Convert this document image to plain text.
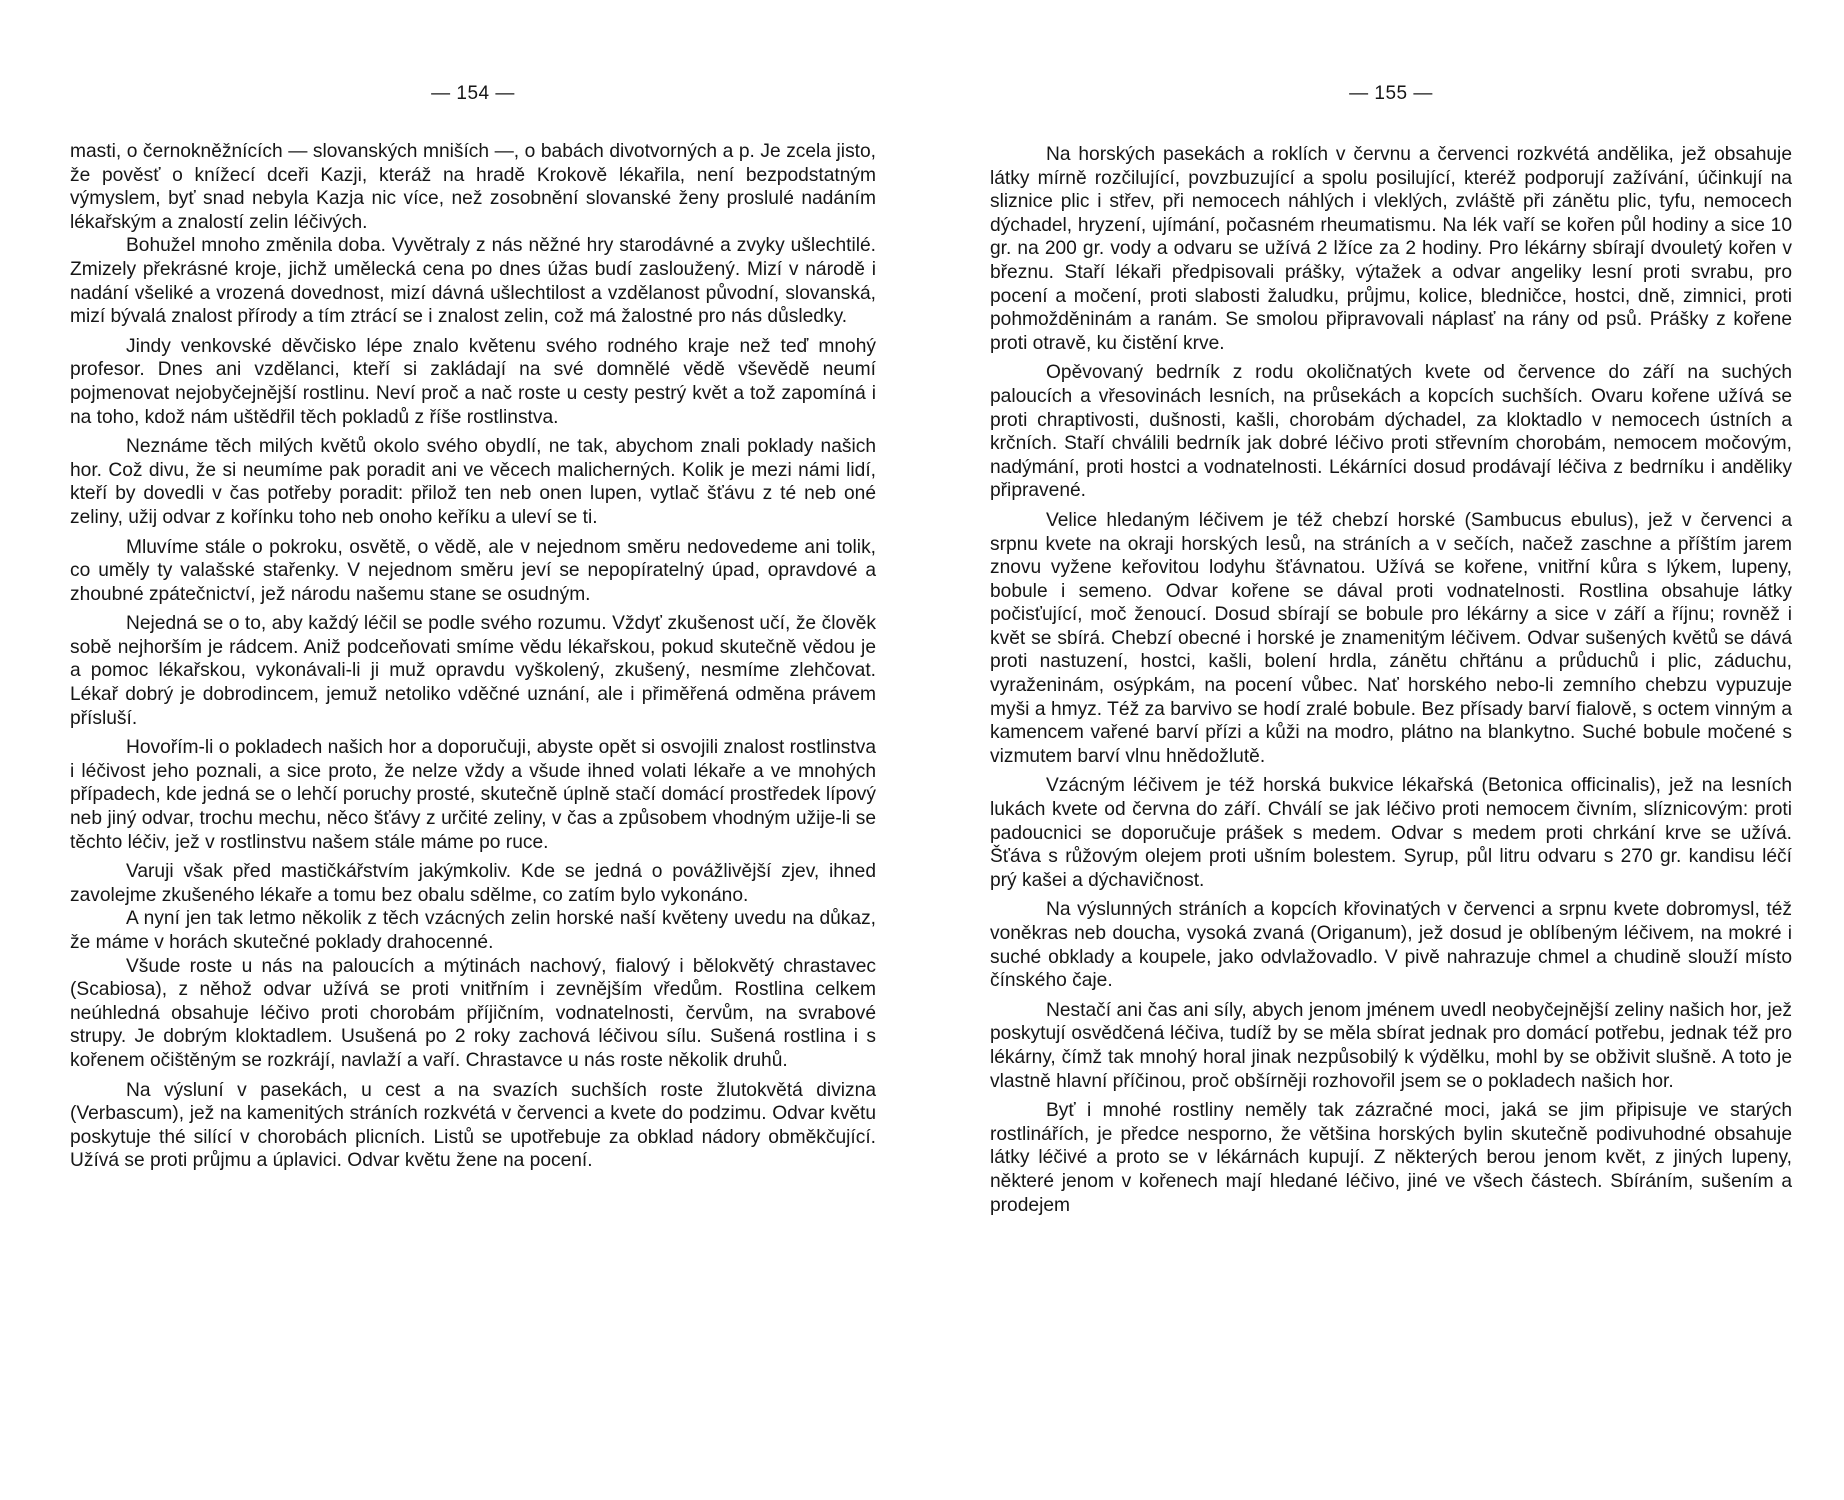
— 154 —

masti, o černokněžnících — slovanských mniších —, o babách divotvorných a p. Je zcela jisto, že pověsť o knížecí dceři Kazji, kteráž na hradě Krokově lékařila, není bezpodstatným výmyslem, byť snad nebyla Kazja nic více, než zosobnění slovanské ženy proslulé nadáním lékařským a znalostí zelin léčivých.

Bohužel mnoho změnila doba. Vyvětraly z nás něžné hry starodávné a zvyky ušlechtilé. Zmizely překrásné kroje, jichž umělecká cena po dnes úžas budí zasloužený. Mizí v národě i nadání všeliké a vrozená dovednost, mizí dávná ušlechtilost a vzdělanost původní, slovanská, mizí bývalá znalost přírody a tím ztrácí se i znalost zelin, což má žalostné pro nás důsledky.

Jindy venkovské děvčisko lépe znalo květenu svého rodného kraje než teď mnohý profesor. Dnes ani vzdělanci, kteří si zakládají na své domnělé vědě vševědě neumí pojmenovat nejobyčejnější rostlinu. Neví proč a nač roste u cesty pestrý květ a tož zapomíná i na toho, kdož nám uštědřil těch pokladů z říše rostlinstva.

Neznáme těch milých květů okolo svého obydlí, ne tak, abychom znali poklady našich hor. Což divu, že si neumíme pak poradit ani ve věcech malicherných. Kolik je mezi námi lidí, kteří by dovedli v čas potřeby poradit: přilož ten neb onen lupen, vytlač šťávu z té neb oné zeliny, užij odvar z kořínku toho neb onoho keříku a uleví se ti.

Mluvíme stále o pokroku, osvětě, o vědě, ale v nejednom směru nedovedeme ani tolik, co uměly ty valašské stařenky. V nejednom směru jeví se nepopíratelný úpad, opravdové a zhoubné zpátečnictví, jež národu našemu stane se osudným.

Nejedná se o to, aby každý léčil se podle svého rozumu. Vždyť zkušenost učí, že člověk sobě nejhorším je rádcem. Aniž podceňovati smíme vědu lékařskou, pokud skutečně vědou je a pomoc lékařskou, vykonávali-li ji muž opravdu vyškolený, zkušený, nesmíme zlehčovat. Lékař dobrý je dobrodincem, jemuž netoliko vděčné uznání, ale i přiměřená odměna právem přísluší.

Hovořím-li o pokladech našich hor a doporučuji, abyste opět si osvojili znalost rostlinstva i léčivost jeho poznali, a sice proto, že nelze vždy a všude ihned volati lékaře a ve mnohých případech, kde jedná se o lehčí poruchy prosté, skutečně úplně stačí domácí prostředek lípový neb jiný odvar, trochu mechu, něco šťávy z určité zeliny, v čas a způsobem vhodným užije-li se těchto léčiv, jež v rostlinstvu našem stále máme po ruce.

Varuji však před mastičkářstvím jakýmkoliv. Kde se jedná o povážlivější zjev, ihned zavolejme zkušeného lékaře a tomu bez obalu sdělme, co zatím bylo vykonáno.

A nyní jen tak letmo několik z těch vzácných zelin horské naší květeny uvedu na důkaz, že máme v horách skutečné poklady drahocenné.

Všude roste u nás na paloucích a mýtinách nachový, fialový i bělokvětý chrastavec (Scabiosa), z něhož odvar užívá se proti vnitřním i zevnějším vředům. Rostlina celkem neúhledná obsahuje léčivo proti chorobám příjičním, vodnatelnosti, červům, na svrabové strupy. Je dobrým kloktadlem. Usušená po 2 roky zachová léčivou sílu. Sušená rostlina i s kořenem očištěným se rozkrájí, navlaží a vaří. Chrastavce u nás roste několik druhů.

Na výsluní v pasekách, u cest a na svazích suchších roste žlutokvětá divizna (Verbascum), jež na kamenitých stráních rozkvétá v červenci a kvete do podzimu. Odvar květu poskytuje thé silící v chorobách plicních. Listů se upotřebuje za obklad nádory obměkčující. Užívá se proti průjmu a úplavici. Odvar květu žene na pocení.

— 155 —

Na horských pasekách a roklích v červnu a červenci rozkvétá andělika, jež obsahuje látky mírně rozčilující, povzbuzující a spolu posilující, kteréž podporují zažívání, účinkují na sliznice plic i střev, při nemocech náhlých i vleklých, zvláště při zánětu plic, tyfu, nemocech dýchadel, hryzení, ujímání, počasném rheumatismu. Na lék vaří se kořen půl hodiny a sice 10 gr. na 200 gr. vody a odvaru se užívá 2 lžíce za 2 hodiny. Pro lékárny sbírají dvouletý kořen v březnu. Staří lékaři předpisovali prášky, výtažek a odvar angeliky lesní proti svrabu, pro pocení a močení, proti slabosti žaludku, průjmu, kolice, bledničce, hostci, dně, zimnici, proti pohmožděninám a ranám. Se smolou připravovali náplasť na rány od psů. Prášky z kořene proti otravě, ku čistění krve.

Opěvovaný bedrník z rodu okoličnatých kvete od července do září na suchých paloucích a vřesovinách lesních, na průsekách a kopcích suchších. Ovaru kořene užívá se proti chraptivosti, dušnosti, kašli, chorobám dýchadel, za kloktadlo v nemocech ústních a krčních. Staří chválili bedrník jak dobré léčivo proti střevním chorobám, nemocem močovým, nadýmání, proti hostci a vodnatelnosti. Lékárníci dosud prodávají léčiva z bedrníku i anděliky připravené.

Velice hledaným léčivem je též chebzí horské (Sambucus ebulus), jež v červenci a srpnu kvete na okraji horských lesů, na stráních a v sečích, načež zaschne a příštím jarem znovu vyžene keřovitou lodyhu šťávnatou. Užívá se kořene, vnitřní kůra s lýkem, lupeny, bobule i semeno. Odvar kořene se dával proti vodnatelnosti. Rostlina obsahuje látky počisťující, moč ženoucí. Dosud sbírají se bobule pro lékárny a sice v září a říjnu; rovněž i květ se sbírá. Chebzí obecné i horské je znamenitým léčivem. Odvar sušených květů se dává proti nastuzení, hostci, kašli, bolení hrdla, zánětu chřtánu a průduchů i plic, záduchu, vyraženinám, osýpkám, na pocení vůbec. Nať horského nebo-li zemního chebzu vypuzuje myši a hmyz. Též za barvivo se hodí zralé bobule. Bez přísady barví fialově, s octem vinným a kamencem vařené barví přízi a kůži na modro, plátno na blankytno. Suché bobule močené s vizmutem barví vlnu hnědožlutě.

Vzácným léčivem je též horská bukvice lékařská (Betonica officinalis), jež na lesních lukách kvete od června do září. Chválí se jak léčivo proti nemocem čivním, slíznicovým: proti padoucnici se doporučuje prášek s medem. Odvar s medem proti chrkání krve se užívá. Šťáva s růžovým olejem proti ušním bolestem. Syrup, půl litru odvaru s 270 gr. kandisu léčí prý kašei a dýchavičnost.

Na výslunných stráních a kopcích křovinatých v červenci a srpnu kvete dobromysl, též voněkras neb doucha, vysoká zvaná (Origanum), jež dosud je oblíbeným léčivem, na mokré i suché obklady a koupele, jako odvlažovadlo. V pivě nahrazuje chmel a chudině slouží místo čínského čaje.

Nestačí ani čas ani síly, abych jenom jménem uvedl neobyčejnější zeliny našich hor, jež poskytují osvědčená léčiva, tudíž by se měla sbírat jednak pro domácí potřebu, jednak též pro lékárny, čímž tak mnohý horal jinak nezpůsobilý k výdělku, mohl by se obživit slušně. A toto je vlastně hlavní příčinou, proč obšírněji rozhovořil jsem se o pokladech našich hor.

Byť i mnohé rostliny neměly tak zázračné moci, jaká se jim připisuje ve starých rostlinářích, je předce nesporno, že většina horských bylin skutečně podivuhodné obsahuje látky léčivé a proto se v lékárnách kupují. Z některých berou jenom květ, z jiných lupeny, některé jenom v kořenech mají hledané léčivo, jiné ve všech částech. Sbíráním, sušením a prodejem
